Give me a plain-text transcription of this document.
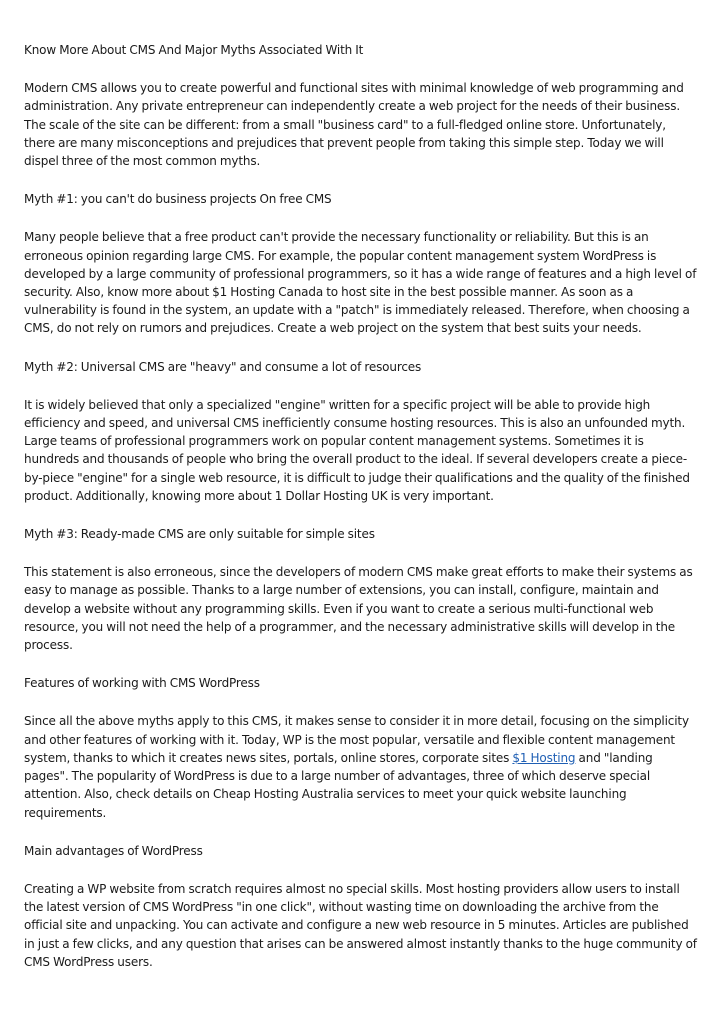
Know More About CMS And Major Myths Associated With It

Modern CMS allows you to create powerful and functional sites with minimal knowledge of web programming and administration. Any private entrepreneur can independently create a web project for the needs of their business. The scale of the site can be different: from a small "business card" to a full-fledged online store. Unfortunately, there are many misconceptions and prejudices that prevent people from taking this simple step. Today we will dispel three of the most common myths.

Myth #1: you can't do business projects On free CMS

Many people believe that a free product can't provide the necessary functionality or reliability. But this is an erroneous opinion regarding large CMS. For example, the popular content management system WordPress is developed by a large community of professional programmers, so it has a wide range of features and a high level of security. Also, know more about $1 Hosting Canada to host site in the best possible manner. As soon as a vulnerability is found in the system, an update with a "patch" is immediately released. Therefore, when choosing a CMS, do not rely on rumors and prejudices. Create a web project on the system that best suits your needs.

Myth #2: Universal CMS are "heavy" and consume a lot of resources

It is widely believed that only a specialized "engine" written for a specific project will be able to provide high efficiency and speed, and universal CMS inefficiently consume hosting resources. This is also an unfounded myth. Large teams of professional programmers work on popular content management systems. Sometimes it is hundreds and thousands of people who bring the overall product to the ideal. If several developers create a piece-by-piece "engine" for a single web resource, it is difficult to judge their qualifications and the quality of the finished product. Additionally, knowing more about 1 Dollar Hosting UK is very important.

Myth #3: Ready-made CMS are only suitable for simple sites

This statement is also erroneous, since the developers of modern CMS make great efforts to make their systems as easy to manage as possible. Thanks to a large number of extensions, you can install, configure, maintain and develop a website without any programming skills. Even if you want to create a serious multi-functional web resource, you will not need the help of a programmer, and the necessary administrative skills will develop in the process.

Features of working with CMS WordPress

Since all the above myths apply to this CMS, it makes sense to consider it in more detail, focusing on the simplicity and other features of working with it. Today, WP is the most popular, versatile and flexible content management system, thanks to which it creates news sites, portals, online stores, corporate sites $1 Hosting and "landing pages". The popularity of WordPress is due to a large number of advantages, three of which deserve special attention. Also, check details on Cheap Hosting Australia services to meet your quick website launching requirements.

Main advantages of WordPress

Creating a WP website from scratch requires almost no special skills. Most hosting providers allow users to install the latest version of CMS WordPress "in one click", without wasting time on downloading the archive from the official site and unpacking. You can activate and configure a new web resource in 5 minutes. Articles are published in just a few clicks, and any question that arises can be answered almost instantly thanks to the huge community of CMS WordPress users.
